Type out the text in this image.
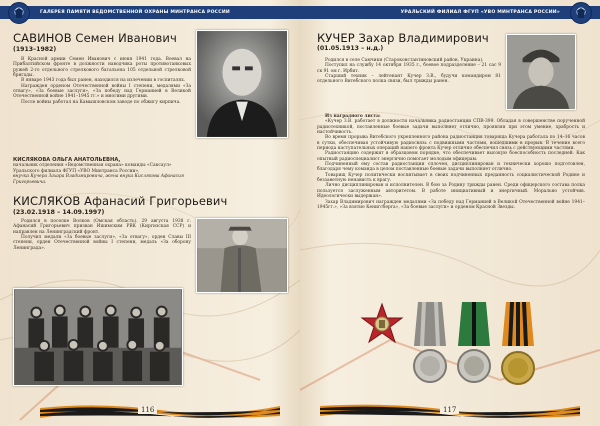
ГАЛЕРЕЯ ПАМЯТИ ВЕДОМСТВЕННОЙ ОХРАНЫ МИНТРАНСА РОССИИ
САВИНОВ Семен Иванович
(1913–1982)

В Красной армии Семен Иванович с июня 1941 года. Воевал на Прибалтийском фронте в должности наводчика роты противотанковых ружей 2-го отдельного стрелкового батальона 105 отдельной стрелковой бригады.

В январе 1943 года был ранен, находился на излечении в госпиталях.

Награжден орденом Отечественной войны I степени, медалями «За отвагу», «За боевые заслуги», «За победу над Германией в Великой Отечественной войне 1941–1945 гг.» и многими другими.

После войны работал на Камышловском заводе по обжигу кирпича.

КИСЛЯКОВА ОЛЬГА АНАТОЛЬЕВНА,
начальник отделения «Ведомственная охрана» команды «Саксаул»
Уральского филиала ФГУП «УВО Минтранса России»,
внучка Кучера Захара Владимировича, жена внука Кислякова Афанасия Григорьевича.
КИСЛЯКОВ Афанасий Григорьевич
(23.02.1918 – 14.09.1997)

Родился в поселке Волков (Омская область). 29 августа 1938 г. Афанасий Григорьевич призван Ишимским РВК (Киргизская ССР) и направлен на Ленинградский фронт.

Получил медали «За боевые заслуги», «За отвагу», орден Славы III степени, орден Отечественной войны I степени, медаль «За оборону Ленинграда».

116
УРАЛЬСКИЙ ФИЛИАЛ ФГУП «УВО МИНТРАНСА РОССИИ»
КУЧЕР Захар Владимирович
(01.05.1913 – н.д.)

Родился в селе Самчики (Староконстантиновский район, Украина).

Поступил на службу 14 октября 1935 г., боевое подразделение – 21 сас 9 ск 91 ом г. Ирбит.

Старший техник – лейтенант Кучер З.В., будучи командиром 81 отдельного Витебского полка связи, был трижды ранен.

Из наградного листа:

«Кучер З.В. работает в должности начальника радиостанции СПВ-399. Обладая в совершенстве порученной радиотехникой, поставленные боевые задачи выполняет отлично, проявляя при этом умение, храбрость и настойчивость.

Во время прорыва Витебского укрепленного района радиостанция товарища Кучера работала по 14–16 часов в сутки, обеспечивая устойчивую радиосвязь с подвижными частями, вошедшими в прорыв. В течение всего периода наступательных операций нашего фронта Кучер отлично обеспечил связь с действующими частями.

Радиостанцию содержит в образцовом порядке, что обеспечивает высокую боеспособность последней. Как опытный радиоспециалист энергично помогает молодым офицерам.

Подчиненный ему состав радиостанции сплочен, дисциплинирован и технически хорошо подготовлен, благодаря чему команда в целом поставленные боевые задачи выполняет отлично.

Товарищ Кучер политически воспитывает в своих подчиненных преданность социалистической Родине и беззаветную ненависть к врагу.

Лично дисциплинирован и исполнителен. В бою за Родину трижды ранен. Среди офицерского состава полка пользуется заслуженным авторитетом. В работе инициативный и энергичный. Морально устойчив. Идеологически выдержан».

Захар Владимирович награжден медалями «За победу над Германией в Великой Отечественной войне 1941–1945гг.», «За взятие Кенигсберга», «За боевые заслуги» и орденом Красной Звезды.

117
